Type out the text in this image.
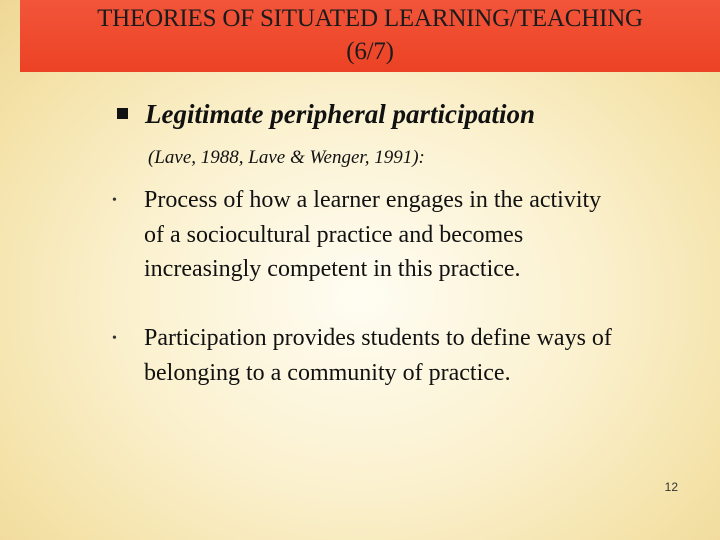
THEORIES OF SITUATED LEARNING/TEACHING
(6/7)
Legitimate peripheral participation
(Lave, 1988, Lave & Wenger, 1991):
• Process of how a learner engages in the activity of a sociocultural practice and becomes increasingly competent in this practice.
• Participation provides students to define ways of belonging to a community of practice.
12
